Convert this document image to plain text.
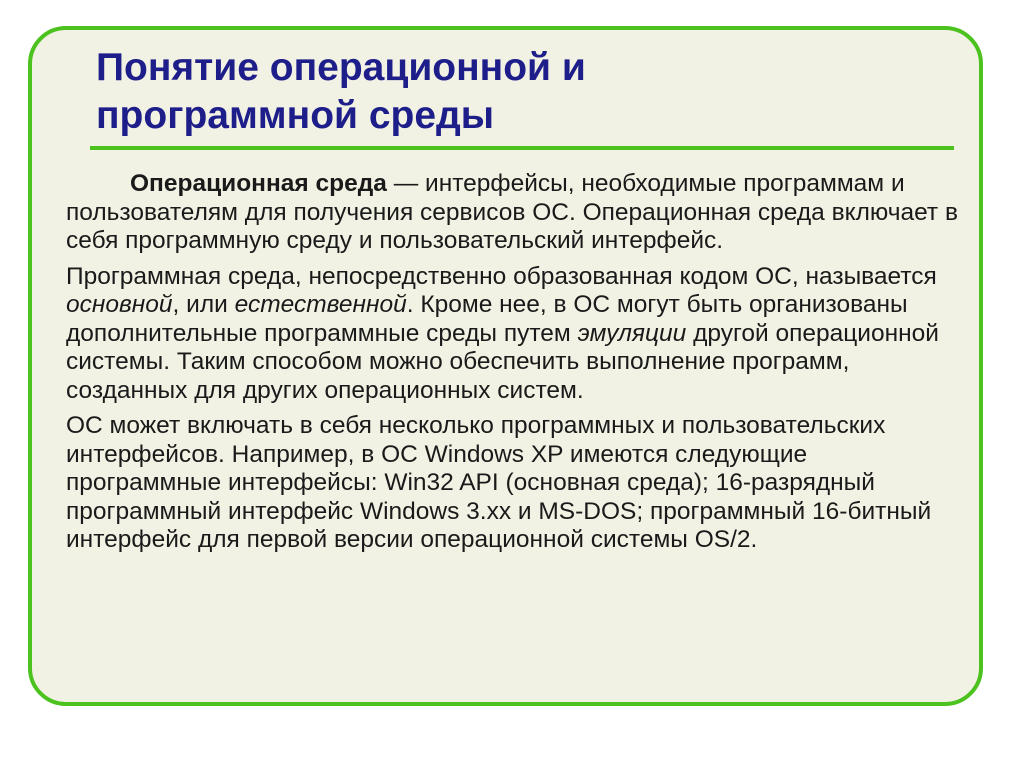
Понятие операционной и
программной среды

Операционная среда — интерфейсы, необходимые программам и пользователям для получения сервисов ОС. Операционная среда включает в себя программную среду и пользовательский интерфейс.

Программная среда, непосредственно образованная кодом ОС, называется основной, или естественной. Кроме нее, в ОС могут быть организованы дополнительные программные среды путем эмуляции другой операционной системы. Таким способом можно обеспечить выполнение программ, созданных для других операционных систем.

ОС может включать в себя несколько программных и пользовательских интерфейсов. Например, в ОС Windows XP имеются следующие программные интерфейсы: Win32 API (основная среда); 16-разрядный программный интерфейс Windows 3.xx и MS-DOS; программный 16-битный интерфейс для первой версии операционной системы OS/2.
